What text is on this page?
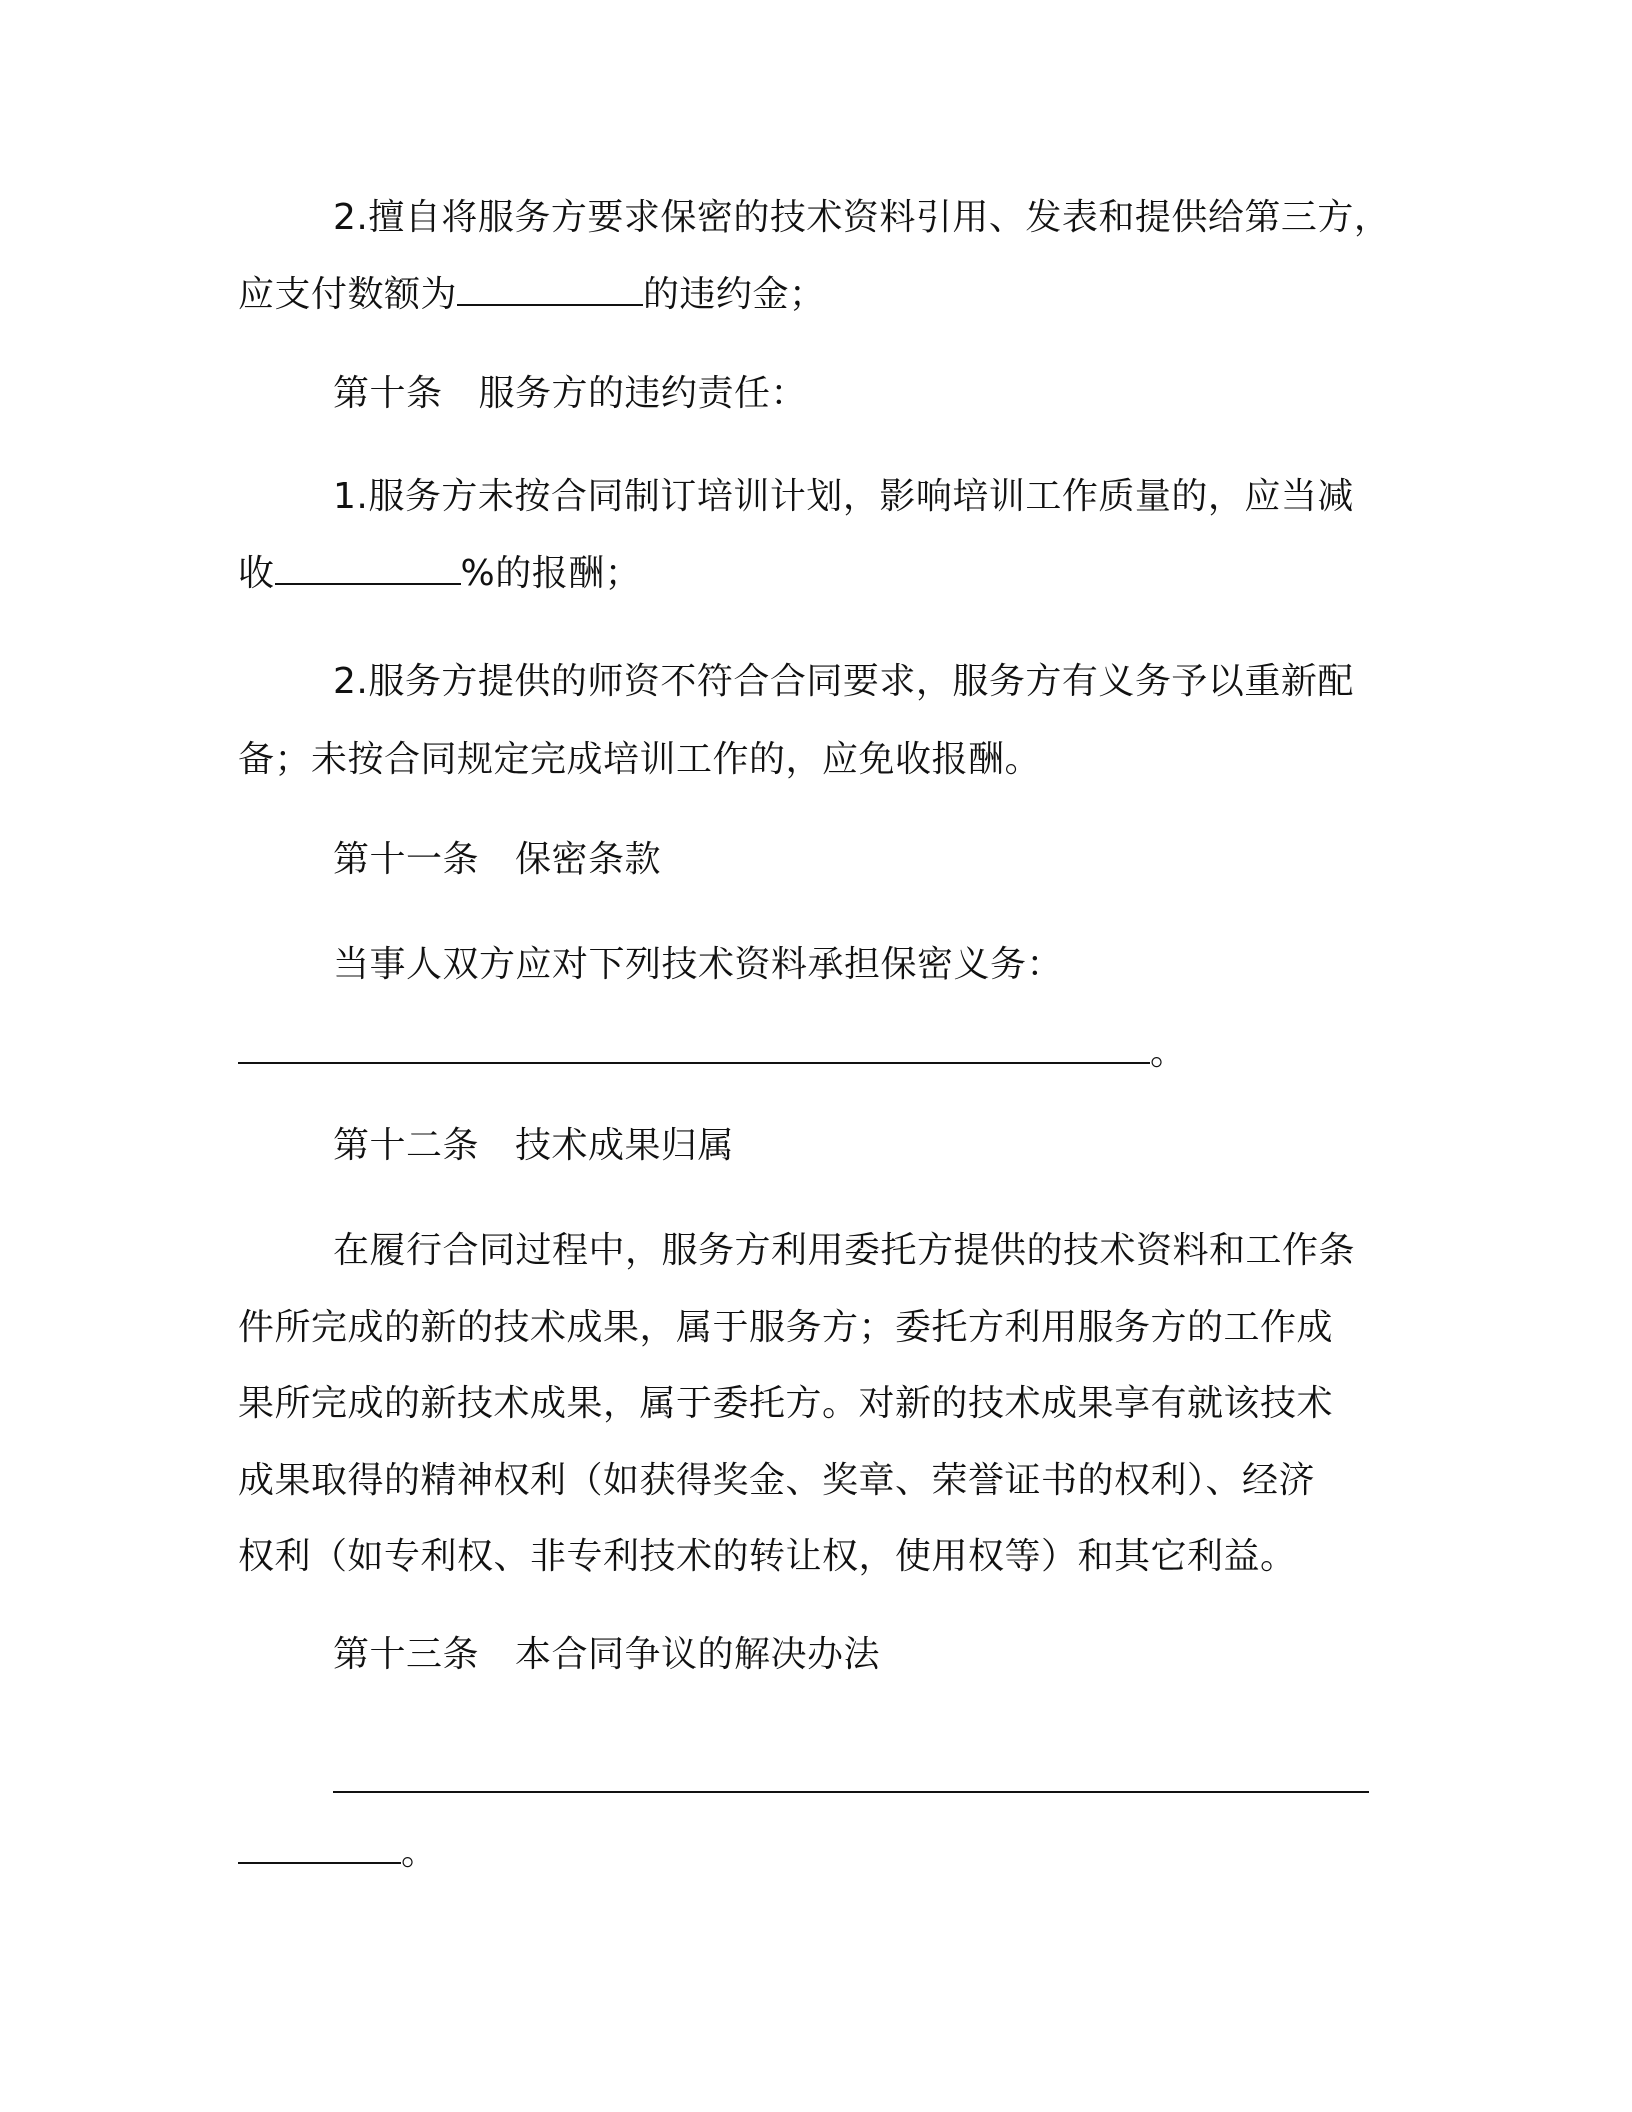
2.擅自将服务方要求保密的技术资料引用、发表和提供给第三方，
应支付数额为	的违约金；
第十条 服务方的违约责任：
1.服务方未按合同制订培训计划，影响培训工作质量的，应当减
收	%的报酬；
2.服务方提供的师资不符合合同要求，服务方有义务予以重新配
备；未按合同规定完成培训工作的，应免收报酬。
第十一条 保密条款
当事人双方应对下列技术资料承担保密义务：
。
第十二条 技术成果归属
在履行合同过程中，服务方利用委托方提供的技术资料和工作条
件所完成的新的技术成果，属于服务方；委托方利用服务方的工作成
果所完成的新技术成果，属于委托方。对新的技术成果享有就该技术
成果取得的精神权利（如获得奖金、奖章、荣誉证书的权利）、经济
权利（如专利权、非专利技术的转让权，使用权等）和其它利益。
第十三条 本合同争议的解决办法
。
